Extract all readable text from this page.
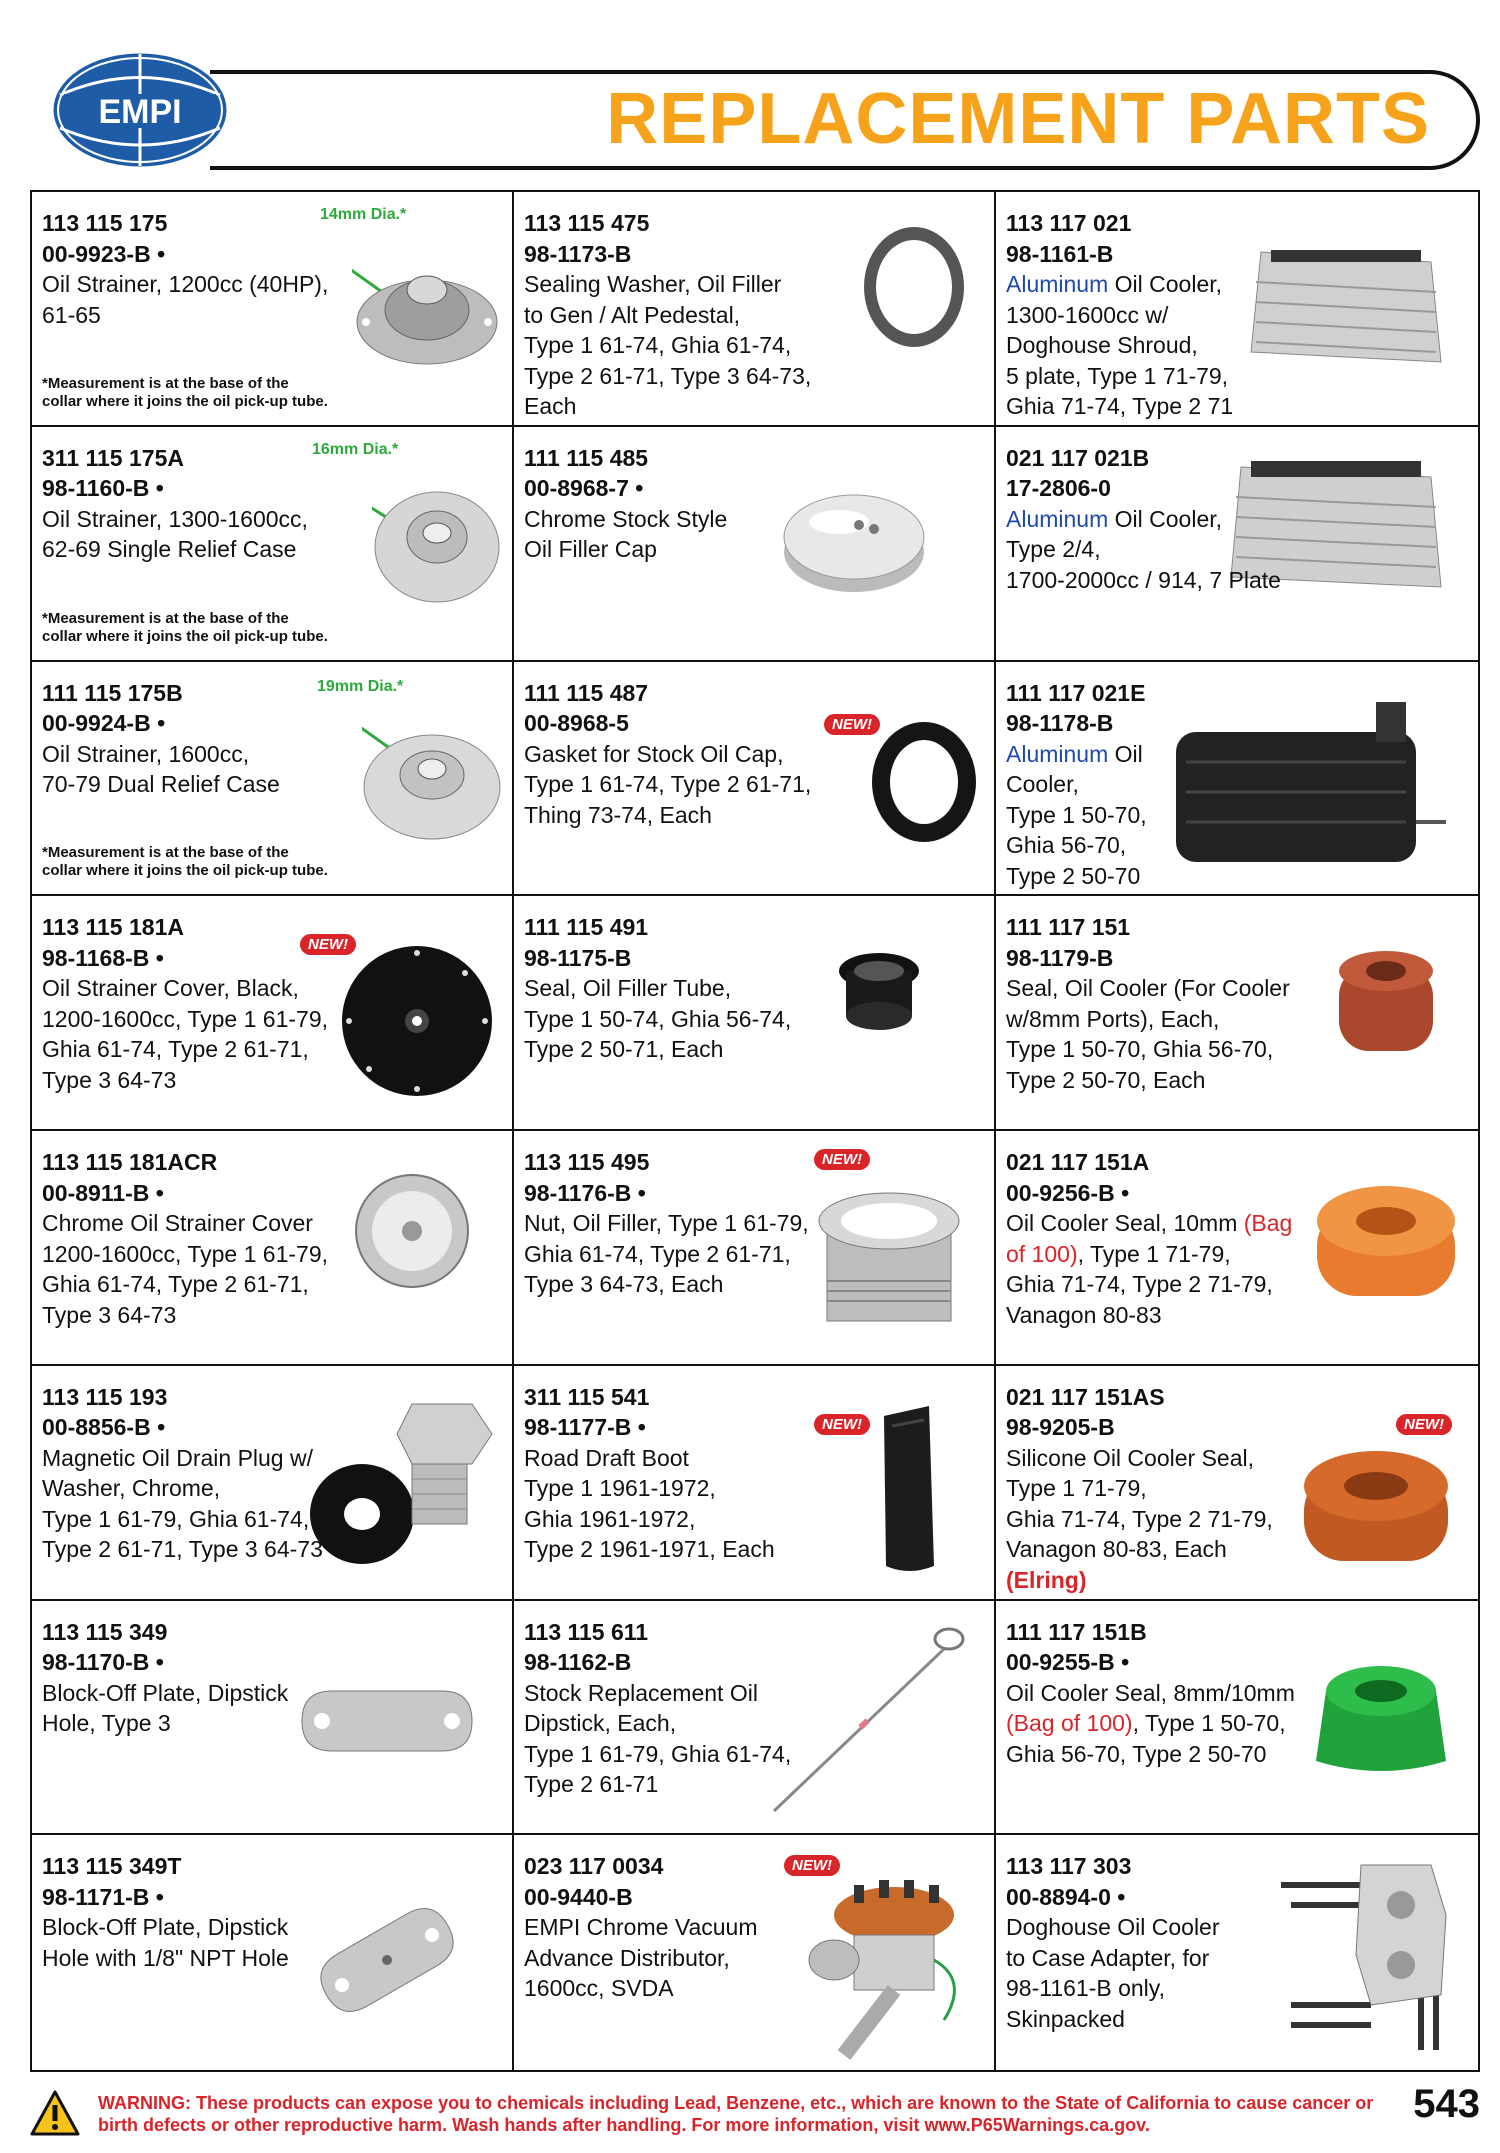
EMPI	REPLACEMENT PARTS
113 115 175
00-9923-B •
Oil Strainer, 1200cc (40HP),
61-65
14mm Dia.*
*Measurement is at the base of the
collar where it joins the oil pick-up tube.
113 115 475
98-1173-B
Sealing Washer, Oil Filler
to Gen / Alt Pedestal,
Type 1 61-74, Ghia 61-74,
Type 2 61-71, Type 3 64-73,
Each
113 117 021
98-1161-B
Aluminum Oil Cooler,
1300-1600cc w/
Doghouse Shroud,
5 plate, Type 1 71-79,
Ghia 71-74, Type 2 71
311 115 175A
98-1160-B •
Oil Strainer, 1300-1600cc,
62-69 Single Relief Case
16mm Dia.*
*Measurement is at the base of the
collar where it joins the oil pick-up tube.
111 115 485
00-8968-7 •
Chrome Stock Style
Oil Filler Cap
021 117 021B
17-2806-0
Aluminum Oil Cooler,
Type 2/4,
1700-2000cc / 914, 7 Plate
111 115 175B
00-9924-B •
Oil Strainer, 1600cc,
70-79 Dual Relief Case
19mm Dia.*
*Measurement is at the base of the
collar where it joins the oil pick-up tube.
111 115 487
00-8968-5
Gasket for Stock Oil Cap,
Type 1 61-74, Type 2 61-71,
Thing 73-74, Each
NEW!
111 117 021E
98-1178-B
Aluminum Oil
Cooler,
Type 1 50-70,
Ghia 56-70,
Type 2 50-70
113 115 181A
98-1168-B •
Oil Strainer Cover, Black,
1200-1600cc, Type 1 61-79,
Ghia 61-74, Type 2 61-71,
Type 3 64-73
NEW!
111 115 491
98-1175-B
Seal, Oil Filler Tube,
Type 1 50-74, Ghia 56-74,
Type 2 50-71, Each
111 117 151
98-1179-B
Seal, Oil Cooler (For Cooler
w/8mm Ports), Each,
Type 1 50-70, Ghia 56-70,
Type 2 50-70, Each
113 115 181ACR
00-8911-B •
Chrome Oil Strainer Cover
1200-1600cc, Type 1 61-79,
Ghia 61-74, Type 2 61-71,
Type 3 64-73
113 115 495
98-1176-B •
Nut, Oil Filler, Type 1 61-79,
Ghia 61-74, Type 2 61-71,
Type 3 64-73, Each
NEW!	021 117 151A
00-9256-B •
Oil Cooler Seal, 10mm (Bag
of 100), Type 1 71-79,
Ghia 71-74, Type 2 71-79,
Vanagon 80-83
113 115 193
00-8856-B •
Magnetic Oil Drain Plug w/
Washer, Chrome,
Type 1 61-79, Ghia 61-74,
Type 2 61-71, Type 3 64-73
311 115 541
98-1177-B •
Road Draft Boot
Type 1 1961-1972,
Ghia 1961-1972,
Type 2 1961-1971, Each
NEW!
021 117 151AS
98-9205-B
Silicone Oil Cooler Seal,
Type 1 71-79,
Ghia 71-74, Type 2 71-79,
Vanagon 80-83, Each
(Elring)
NEW!
113 115 349
98-1170-B •
Block-Off Plate, Dipstick
Hole, Type 3
113 115 611
98-1162-B
Stock Replacement Oil
Dipstick, Each,
Type 1 61-79, Ghia 61-74,
Type 2 61-71
111 117 151B
00-9255-B •
Oil Cooler Seal, 8mm/10mm
(Bag of 100), Type 1 50-70,
Ghia 56-70, Type 2 50-70
113 115 349T
98-1171-B •
Block-Off Plate, Dipstick
Hole with 1/8" NPT Hole
023 117 0034
00-9440-B
EMPI Chrome Vacuum
Advance Distributor,
1600cc, SVDA
NEW!	113 117 303
00-8894-0 •
Doghouse Oil Cooler
to Case Adapter, for
98-1161-B only,
Skinpacked
WARNING: These products can expose you to chemicals including Lead, Benzene, etc., which are known to the State of California to cause cancer or birth defects or other reproductive harm. Wash hands after handling. For more information, visit www.P65Warnings.ca.gov.	543
